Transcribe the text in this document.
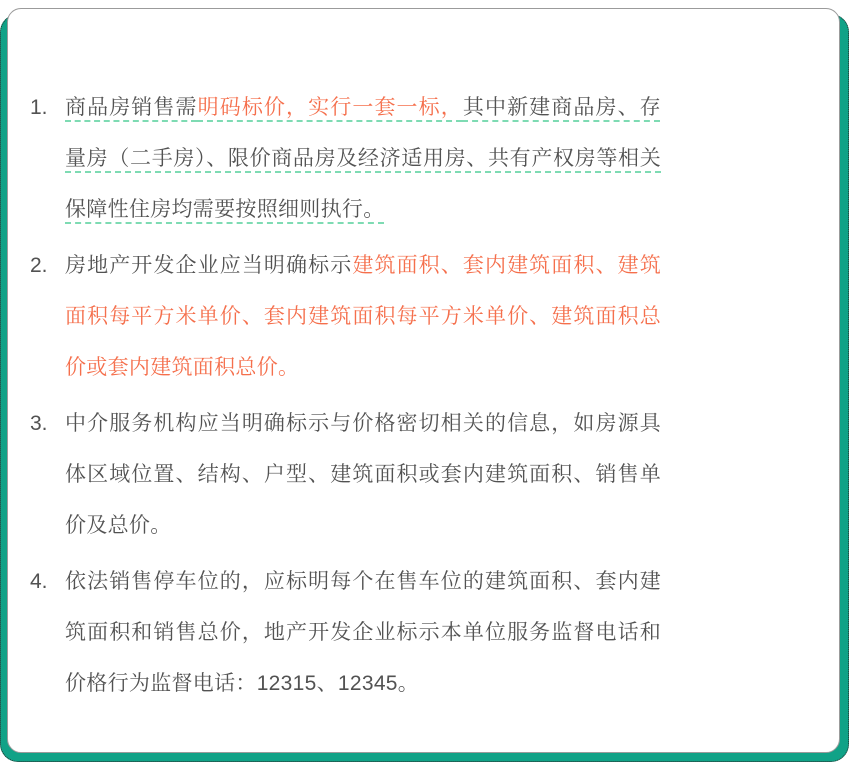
1. 商品房销售需明码标价，实行一套一标，其中新建商品房、存量房（二手房）、限价商品房及经济适用房、共有产权房等相关保障性住房均需要按照细则执行。
2. 房地产开发企业应当明确标示建筑面积、套内建筑面积、建筑面积每平方米单价、套内建筑面积每平方米单价、建筑面积总价或套内建筑面积总价。
3. 中介服务机构应当明确标示与价格密切相关的信息，如房源具体区域位置、结构、户型、建筑面积或套内建筑面积、销售单价及总价。
4. 依法销售停车位的，应标明每个在售车位的建筑面积、套内建筑面积和销售总价，地产开发企业标示本单位服务监督电话和价格行为监督电话：12315、12345。
